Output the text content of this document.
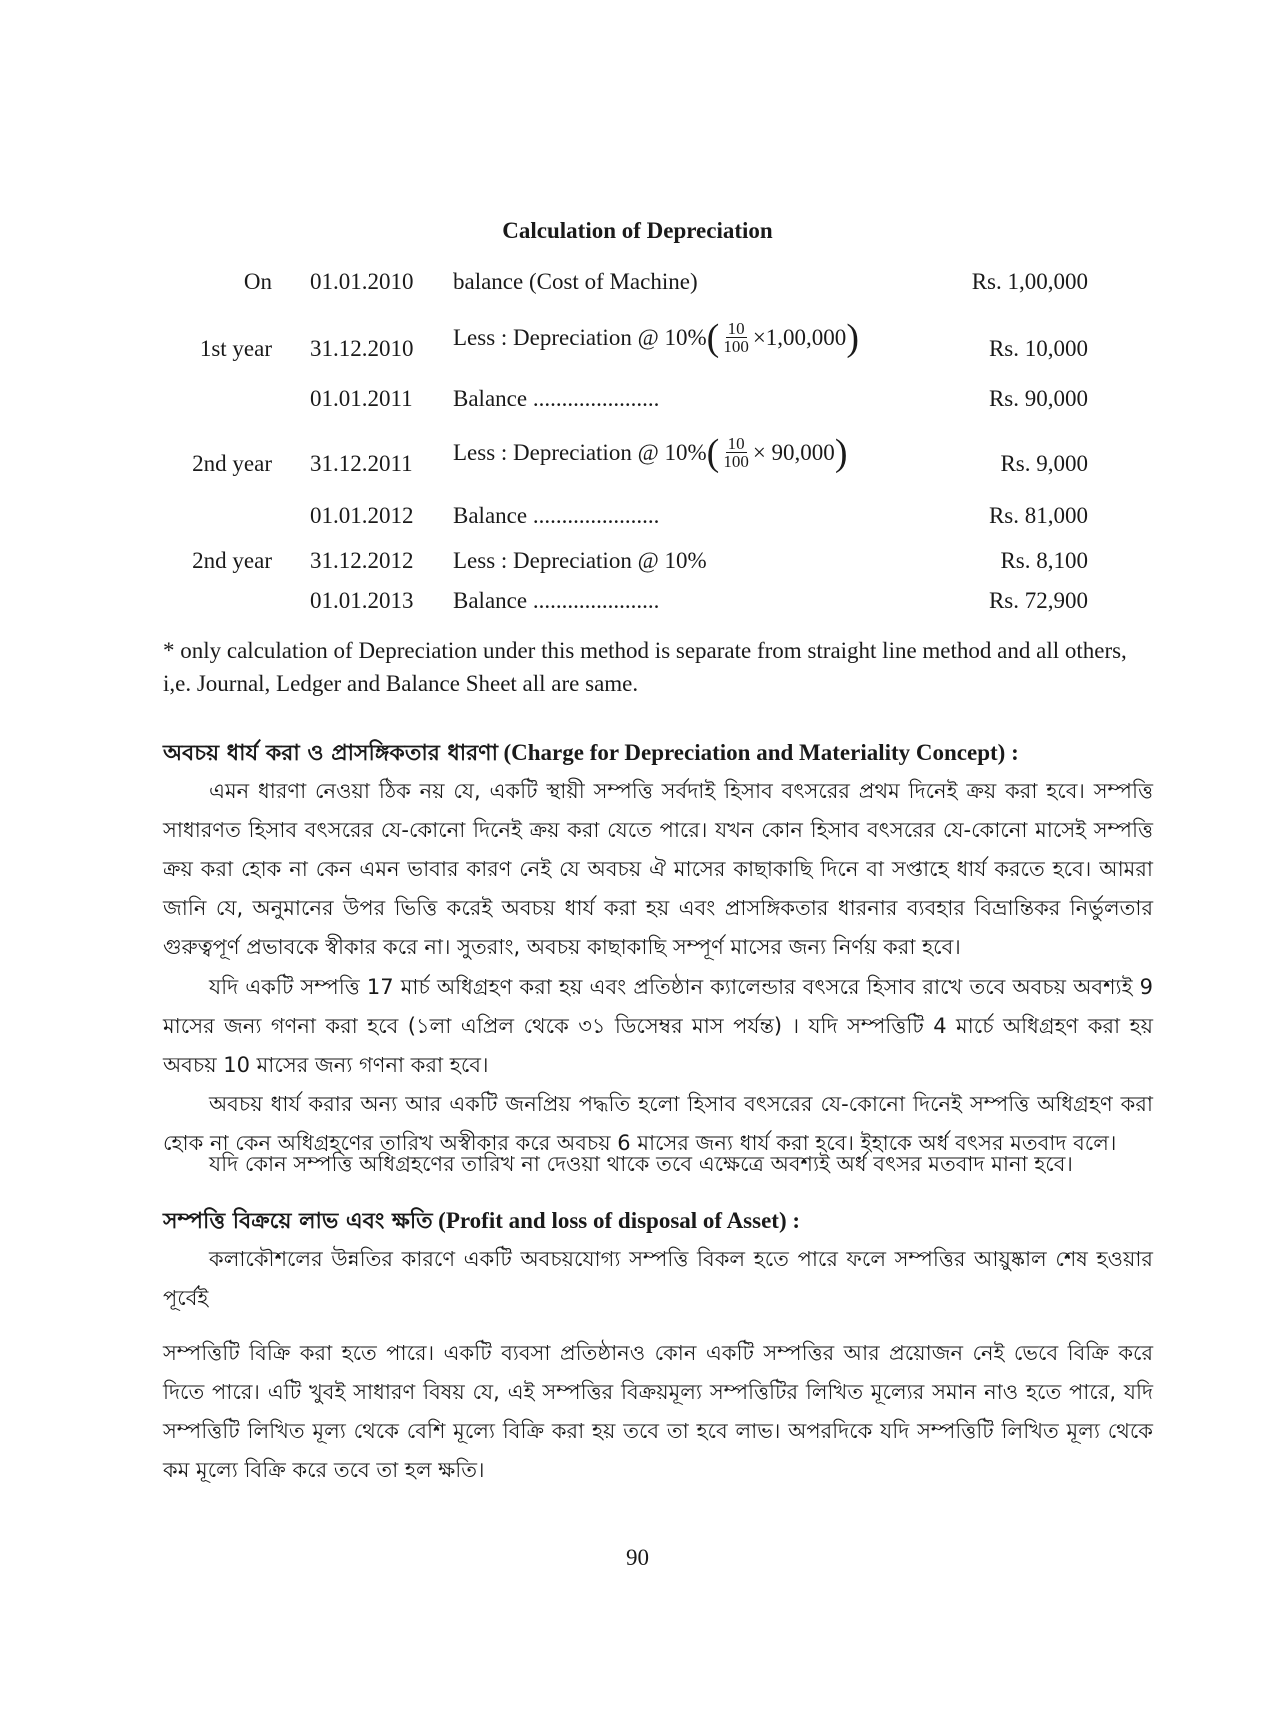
Calculation of Depreciation
On 01.01.2010 balance (Cost of Machine)	Rs. 1,00,000
1st year 31.12.2010 Less : Depreciation @ 10% ( $\frac{10}{100} \times 1,00,000$ )	Rs. 10,000
01.01.2011 Balance ......................	Rs. 90,000
2nd year 31.12.2011 Less : Depreciation @ 10% ( $\frac{10}{100} \times 90,000$ )	Rs. 9,000
01.01.2012 Balance ......................	Rs. 81,000
2nd year 31.12.2012 Less : Depreciation @ 10%	Rs. 8,100
01.01.2013 Balance ......................	Rs. 72,900
* only calculation of Depreciation under this method is separate from straight line method and all others, i,e. Journal, Ledger and Balance Sheet all are same.
অবচয় ধার্য করা ও প্রাসঙ্গিকতার ধারণা (Charge for Depreciation and Materiality Concept) :
এমন ধারণা নেওয়া ঠিক নয় যে, একটি স্থায়ী সম্পত্তি সর্বদাই হিসাব বৎসরের প্রথম দিনেই ক্রয় করা হবে। সম্পত্তি সাধারণত হিসাব বৎসরের যে-কোনো দিনেই ক্রয় করা যেতে পারে। যখন কোন হিসাব বৎসরের যে-কোনো মাসেই সম্পত্তি ক্রয় করা হোক না কেন এমন ভাবার কারণ নেই যে অবচয় ঐ মাসের কাছাকাছি দিনে বা সপ্তাহে ধার্য করতে হবে। আমরা জানি যে, অনুমানের উপর ভিত্তি করেই অবচয় ধার্য করা হয় এবং প্রাসঙ্গিকতার ধারনার ব্যবহার বিভ্রান্তিকর নির্ভুলতার গুরুত্বপূর্ণ প্রভাবকে স্বীকার করে না। সুতরাং, অবচয় কাছাকাছি সম্পূর্ণ মাসের জন্য নির্ণয় করা হবে।
যদি একটি সম্পত্তি 17 মার্চ অধিগ্রহণ করা হয় এবং প্রতিষ্ঠান ক্যালেন্ডার বৎসরে হিসাব রাখে তবে অবচয় অবশ্যই 9 মাসের জন্য গণনা করা হবে (১লা এপ্রিল থেকে ৩১ ডিসেম্বর মাস পর্যন্ত) । যদি সম্পত্তিটি 4 মার্চে অধিগ্রহণ করা হয় অবচয় 10 মাসের জন্য গণনা করা হবে।
অবচয় ধার্য করার অন্য আর একটি জনপ্রিয় পদ্ধতি হলো হিসাব বৎসরের যে-কোনো দিনেই সম্পত্তি অধিগ্রহণ করা হোক না কেন অধিগ্রহণের তারিখ অস্বীকার করে অবচয় 6 মাসের জন্য ধার্য করা হবে। ইহাকে অর্ধ বৎসর মতবাদ বলে।
যদি কোন সম্পত্তি অধিগ্রহণের তারিখ না দেওয়া থাকে তবে এক্ষেত্রে অবশ্যই অর্ধ বৎসর মতবাদ মানা হবে।
সম্পত্তি বিক্রয়ে লাভ এবং ক্ষতি (Profit and loss of disposal of Asset) :
কলাকৌশলের উন্নতির কারণে একটি অবচয়যোগ্য সম্পত্তি বিকল হতে পারে ফলে সম্পত্তির আয়ুষ্কাল শেষ হওয়ার পূর্বেই
সম্পত্তিটি বিক্রি করা হতে পারে। একটি ব্যবসা প্রতিষ্ঠানও কোন একটি সম্পত্তির আর প্রয়োজন নেই ভেবে বিক্রি করে দিতে পারে। এটি খুবই সাধারণ বিষয় যে, এই সম্পত্তির বিক্রয়মূল্য সম্পত্তিটির লিখিত মূল্যের সমান নাও হতে পারে, যদি সম্পত্তিটি লিখিত মূল্য থেকে বেশি মূল্যে বিক্রি করা হয় তবে তা হবে লাভ। অপরদিকে যদি সম্পত্তিটি লিখিত মূল্য থেকে কম মূল্যে বিক্রি করে তবে তা হল ক্ষতি।
90
